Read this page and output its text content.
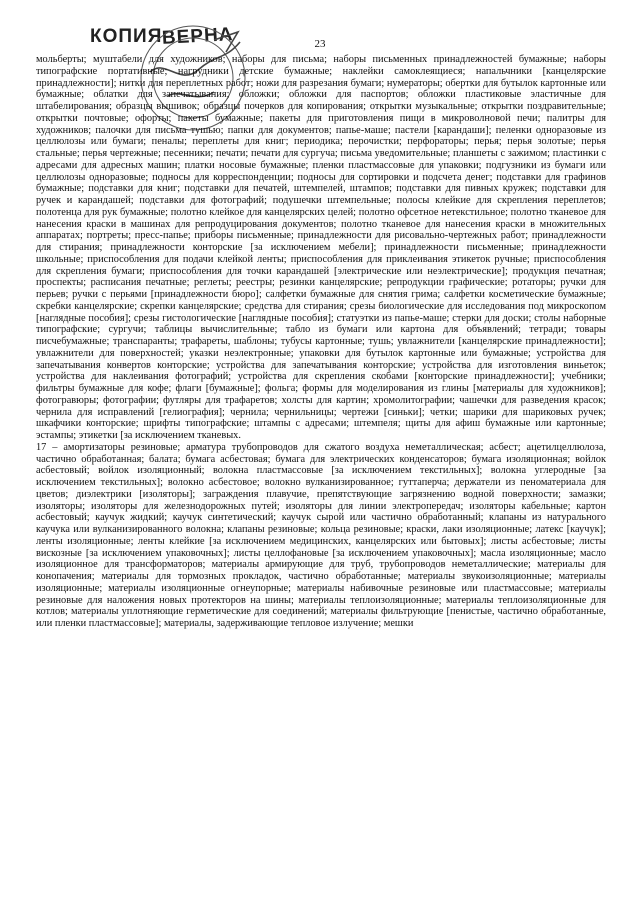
КОПИЯ ВЕРНА	23

мольберты; муштабели для художников; наборы для письма; наборы письменных принадлежностей бумажные; наборы типографские портативные; нагрудники детские бумажные; наклейки самоклеящиеся; напальчники [канцелярские принадлежности]; нитки для переплетных работ; ножи для разрезания бумаги; нумераторы; обертки для бутылок картонные или бумажные; облатки для запечатывания; обложки; обложки для паспортов; обложки пластиковые эластичные для штабелирования; образцы вышивок; образцы почерков для копирования; открытки музыкальные; открытки поздравительные; открытки почтовые; офорты; пакеты бумажные; пакеты для приготовления пищи в микроволновой печи; палитры для художников; палочки для письма тушью; папки для документов; папье-маше; пастели [карандаши]; пеленки одноразовые из целлюлозы или бумаги; пеналы; переплеты для книг; периодика; перочистки; перфораторы; перья; перья золотые; перья стальные; перья чертежные; песенники; печати; печати для сургуча; письма уведомительные; планшеты с зажимом; пластинки с адресами для адресных машин; платки носовые бумажные; пленки пластмассовые для упаковки; подгузники из бумаги или целлюлозы одноразовые; подносы для корреспонденции; подносы для сортировки и подсчета денег; подставки для графинов бумажные; подставки для книг; подставки для печатей, штемпелей, штампов; подставки для пивных кружек; подставки для ручек и карандашей; подставки для фотографий; подушечки штемпельные; полосы клейкие для скрепления переплетов; полотенца для рук бумажные; полотно клейкое для канцелярских целей; полотно офсетное нетекстильное; полотно тканевое для нанесения краски в машинах для репродуцирования документов; полотно тканевое для нанесения краски в множительных аппаратах; портреты; пресс-папье; приборы письменные; принадлежности для рисовально-чертежных работ; принадлежности для стирания; принадлежности конторские [за исключением мебели]; принадлежности письменные; принадлежности школьные; приспособления для подачи клейкой ленты; приспособления для приклеивания этикеток ручные; приспособления для скрепления бумаги; приспособления для точки карандашей [электрические или неэлектрические]; продукция печатная; проспекты; расписания печатные; реглеты; реестры; резинки канцелярские; репродукции графические; ротаторы; ручки для перьев; ручки с перьями [принадлежности бюро]; салфетки бумажные для снятия грима; салфетки косметические бумажные; скребки канцелярские; скрепки канцелярские; средства для стирания; срезы биологические для исследования под микроскопом [наглядные пособия]; срезы гистологические [наглядные пособия]; статуэтки из папье-маше; стерки для доски; столы наборные типографские; сургучи; таблицы вычислительные; табло из бумаги или картона для объявлений; тетради; товары писчебумажные; транспаранты; трафареты, шаблоны; тубусы картонные; тушь; увлажнители [канцелярские принадлежности]; увлажнители для поверхностей; указки неэлектронные; упаковки для бутылок картонные или бумажные; устройства для запечатывания конвертов конторские; устройства для запечатывания конторские; устройства для изготовления виньеток; устройства для наклеивания фотографий; устройства для скрепления скобами [конторские принадлежности]; учебники; фильтры бумажные для кофе; флаги [бумажные]; фольга; формы для моделирования из глины [материалы для художников]; фотогравюры; фотографии; футляры для трафаретов; холсты для картин; хромолитографии; чашечки для разведения красок; чернила для исправлений [гелиография]; чернила; чернильницы; чертежи [синьки]; четки; шарики для шариковых ручек; шкафчики конторские; шрифты типографские; штампы с адресами; штемпеля; щиты для афиш бумажные или картонные; эстампы; этикетки [за исключением тканевых.

17 – амортизаторы резиновые; арматура трубопроводов для сжатого воздуха неметаллическая; асбест; ацетилцеллюлоза, частично обработанная; балата; бумага асбестовая; бумага для электрических конденсаторов; бумага изоляционная; войлок асбестовый; войлок изоляционный; волокна пластмассовые [за исключением текстильных]; волокна углеродные [за исключением текстильных]; волокно асбестовое; волокно вулканизированное; гуттаперча; держатели из пеноматериала для цветов; диэлектрики [изоляторы]; заграждения плавучие, препятствующие загрязнению водной поверхности; замазки; изоляторы; изоляторы для железнодорожных путей; изоляторы для линии электропередач; изоляторы кабельные; картон асбестовый; каучук жидкий; каучук синтетический; каучук сырой или частично обработанный; клапаны из натурального каучука или вулканизированного волокна; клапаны резиновые; кольца резиновые; краски, лаки изоляционные; латекс [каучук]; ленты изоляционные; ленты клейкие [за исключением медицинских, канцелярских или бытовых]; листы асбестовые; листы вискозные [за исключением упаковочных]; листы целлофановые [за исключением упаковочных]; масла изоляционные; масло изоляционное для трансформаторов; материалы армирующие для труб, трубопроводов неметаллические; материалы для конопачения; материалы для тормозных прокладок, частично обработанные; материалы звукоизоляционные; материалы изоляционные; материалы изоляционные огнеупорные; материалы набивочные резиновые или пластмассовые; материалы резиновые для наложения новых протекторов на шины; материалы теплоизоляционные; материалы теплоизоляционные для котлов; материалы уплотняющие герметические для соединений; материалы фильтрующие [пенистые, частично обработанные, или пленки пластмассовые]; материалы, задерживающие тепловое излучение; мешки
